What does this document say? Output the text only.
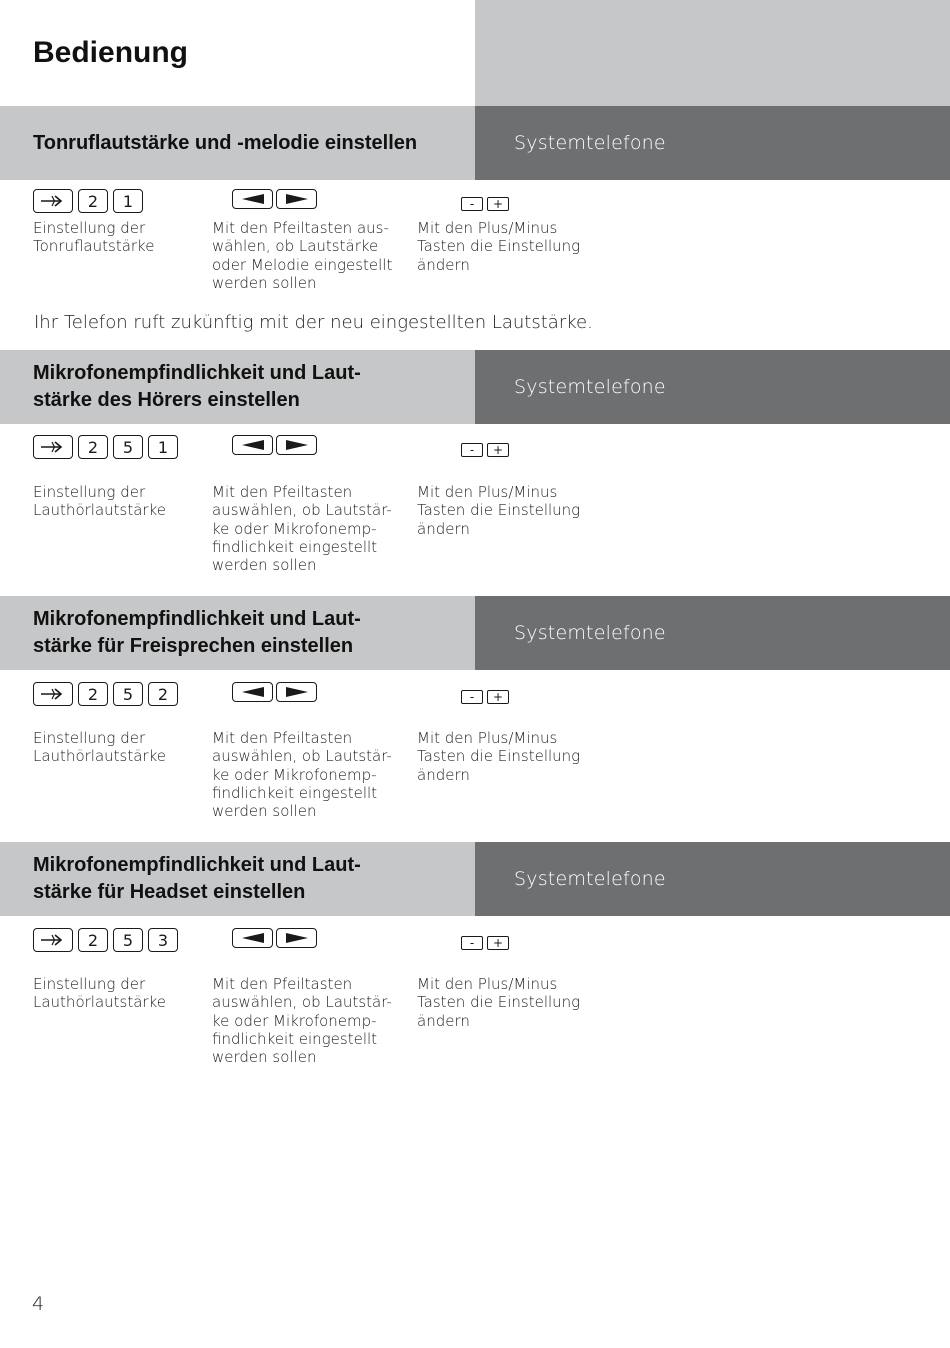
Bedienung
Tonruflautstärke und -melodie einstellen	Systemtelefone
2	1	-	+

Einstellung der
Tonruflautstärke

Mit den Pfeiltasten aus-
wählen, ob Lautstärke
oder Melodie eingestellt
werden sollen

Mit den Plus/Minus
Tasten die Einstellung
ändern

Ihr Telefon ruft zukünftig mit der neu eingestellten Lautstärke.

Mikrofonempfindlichkeit und Laut-
stärke des Hörers einstellen
Systemtelefone
2	5	1	-	+

Einstellung der
Lauthörlautstärke

Mit den Pfeiltasten
auswählen, ob Lautstär-
ke oder Mikrofonemp-
findlichkeit eingestellt
werden sollen

Mit den Plus/Minus
Tasten die Einstellung
ändern

Mikrofonempfindlichkeit und Laut-
stärke für Freisprechen einstellen
Systemtelefone
2	5	2	-	+

Einstellung der
Lauthörlautstärke

Mit den Pfeiltasten
auswählen, ob Lautstär-
ke oder Mikrofonemp-
findlichkeit eingestellt
werden sollen

Mit den Plus/Minus
Tasten die Einstellung
ändern

Mikrofonempfindlichkeit und Laut-
stärke für Headset einstellen
Systemtelefone
2	5	3	-	+

Einstellung der
Lauthörlautstärke

Mit den Pfeiltasten
auswählen, ob Lautstär-
ke oder Mikrofonemp-
findlichkeit eingestellt
werden sollen

Mit den Plus/Minus
Tasten die Einstellung
ändern

4
